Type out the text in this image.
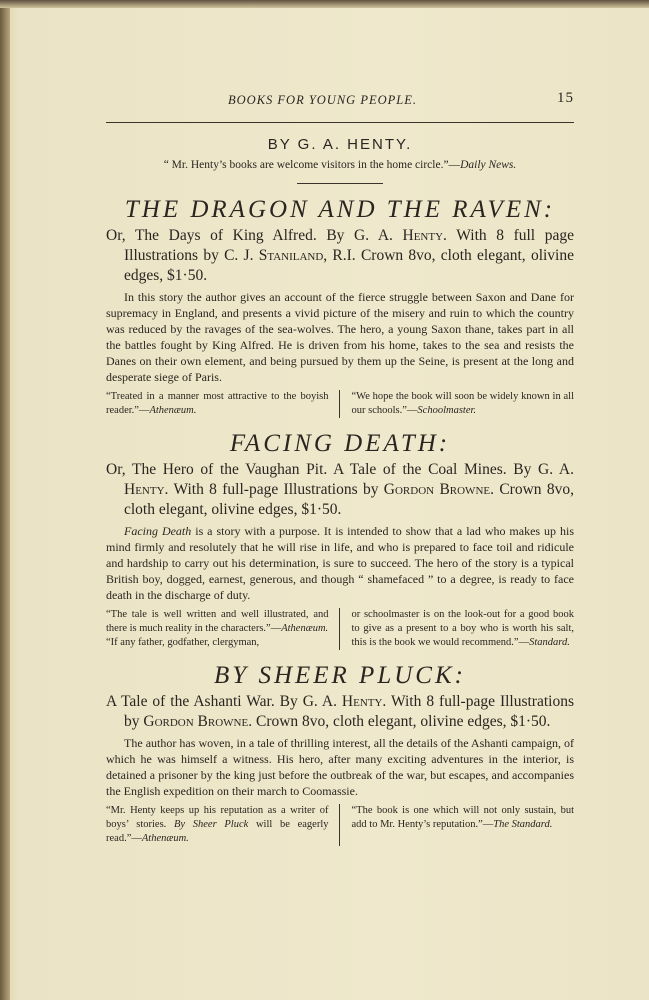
BOOKS FOR YOUNG PEOPLE.	15
BY G. A. HENTY.
“ Mr. Henty’s books are welcome visitors in the home circle.”—Daily News.
THE DRAGON AND THE RAVEN:
Or, The Days of King Alfred. By G. A. Henty. With 8 full page Illustrations by C. J. Staniland, R.I. Crown 8vo, cloth elegant, olivine edges, $1·50.
In this story the author gives an account of the fierce struggle between Saxon and Dane for supremacy in England, and presents a vivid picture of the misery and ruin to which the country was reduced by the ravages of the sea-wolves. The hero, a young Saxon thane, takes part in all the battles fought by King Alfred. He is driven from his home, takes to the sea and resists the Danes on their own element, and being pursued by them up the Seine, is present at the long and desperate siege of Paris.
“Treated in a manner most attractive to the boyish reader.”—Athenæum.
“We hope the book will soon be widely known in all our schools.”—Schoolmaster.
FACING DEATH:
Or, The Hero of the Vaughan Pit. A Tale of the Coal Mines. By G. A. Henty. With 8 full-page Illustrations by Gordon Browne. Crown 8vo, cloth elegant, olivine edges, $1·50.
Facing Death is a story with a purpose. It is intended to show that a lad who makes up his mind firmly and resolutely that he will rise in life, and who is prepared to face toil and ridicule and hardship to carry out his determination, is sure to succeed. The hero of the story is a typical British boy, dogged, earnest, generous, and though “ shamefaced ” to a degree, is ready to face death in the discharge of duty.
“The tale is well written and well illustrated, and there is much reality in the characters.”—Athenæum.
“If any father, godfather, clergyman,
or schoolmaster is on the look-out for a good book to give as a present to a boy who is worth his salt, this is the book we would recommend.”—Standard.
BY SHEER PLUCK:
A Tale of the Ashanti War. By G. A. Henty. With 8 full-page Illustrations by Gordon Browne. Crown 8vo, cloth elegant, olivine edges, $1·50.
The author has woven, in a tale of thrilling interest, all the details of the Ashanti campaign, of which he was himself a witness. His hero, after many exciting adventures in the interior, is detained a prisoner by the king just before the outbreak of the war, but escapes, and accompanies the English expedition on their march to Coomassie.
“Mr. Henty keeps up his reputation as a writer of boys’ stories. By Sheer Pluck will be eagerly read.”—Athenæum.
“The book is one which will not only sustain, but add to Mr. Henty’s reputation.”—The Standard.
